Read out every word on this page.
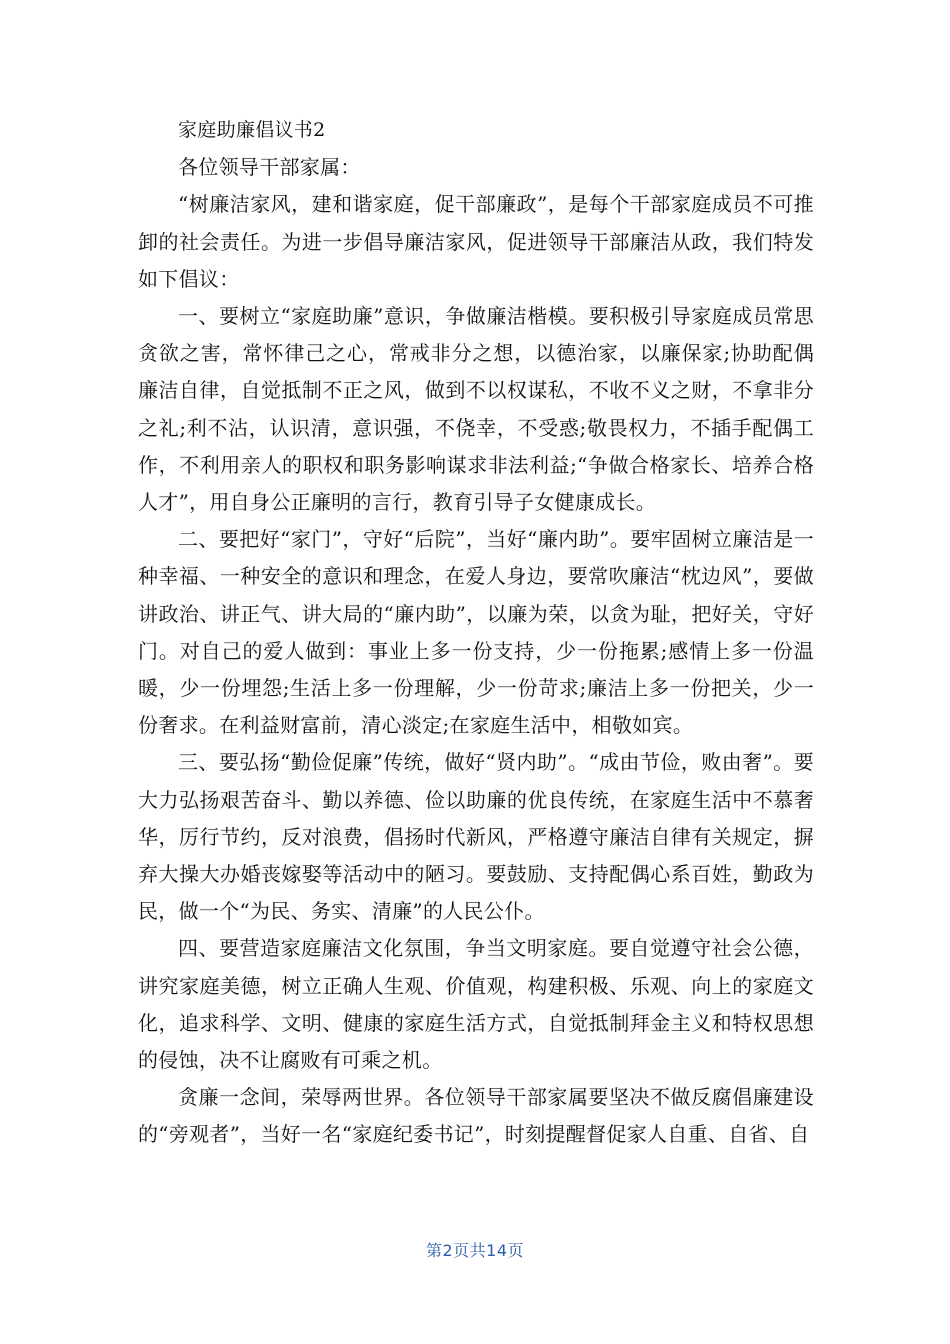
家庭助廉倡议书2

各位领导干部家属：

“树廉洁家风，建和谐家庭，促干部廉政”，是每个干部家庭成员不可推卸的社会责任。为进一步倡导廉洁家风，促进领导干部廉洁从政，我们特发如下倡议：

一、要树立“家庭助廉”意识，争做廉洁楷模。要积极引导家庭成员常思贪欲之害，常怀律己之心，常戒非分之想，以德治家，以廉保家;协助配偶廉洁自律，自觉抵制不正之风，做到不以权谋私，不收不义之财，不拿非分之礼;利不沾，认识清，意识强，不侥幸，不受惑;敬畏权力，不插手配偶工作，不利用亲人的职权和职务影响谋求非法利益;“争做合格家长、培养合格人才”，用自身公正廉明的言行，教育引导子女健康成长。

二、要把好“家门”，守好“后院”，当好“廉内助”。要牢固树立廉洁是一种幸福、一种安全的意识和理念，在爱人身边，要常吹廉洁“枕边风”，要做讲政治、讲正气、讲大局的“廉内助”，以廉为荣，以贪为耻，把好关，守好门。对自己的爱人做到：事业上多一份支持，少一份拖累;感情上多一份温暖，少一份埋怨;生活上多一份理解，少一份苛求;廉洁上多一份把关，少一份奢求。在利益财富前，清心淡定;在家庭生活中，相敬如宾。

三、要弘扬“勤俭促廉”传统，做好“贤内助”。“成由节俭，败由奢”。要大力弘扬艰苦奋斗、勤以养德、俭以助廉的优良传统，在家庭生活中不慕奢华，厉行节约，反对浪费，倡扬时代新风，严格遵守廉洁自律有关规定，摒弃大操大办婚丧嫁娶等活动中的陋习。要鼓励、支持配偶心系百姓，勤政为民，做一个“为民、务实、清廉”的人民公仆。

四、要营造家庭廉洁文化氛围，争当文明家庭。要自觉遵守社会公德，讲究家庭美德，树立正确人生观、价值观，构建积极、乐观、向上的家庭文化，追求科学、文明、健康的家庭生活方式，自觉抵制拜金主义和特权思想的侵蚀，决不让腐败有可乘之机。

贪廉一念间，荣辱两世界。各位领导干部家属要坚决不做反腐倡廉建设的“旁观者”，当好一名“家庭纪委书记”，时刻提醒督促家人自重、自省、自

第2页共14页
